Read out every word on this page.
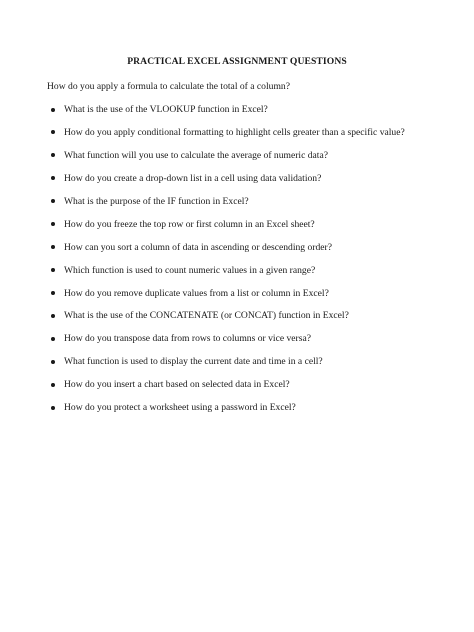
PRACTICAL EXCEL ASSIGNMENT QUESTIONS
How do you apply a formula to calculate the total of a column?
What is the use of the VLOOKUP function in Excel?
How do you apply conditional formatting to highlight cells greater than a specific value?
What function will you use to calculate the average of numeric data?
How do you create a drop-down list in a cell using data validation?
What is the purpose of the IF function in Excel?
How do you freeze the top row or first column in an Excel sheet?
How can you sort a column of data in ascending or descending order?
Which function is used to count numeric values in a given range?
How do you remove duplicate values from a list or column in Excel?
What is the use of the CONCATENATE (or CONCAT) function in Excel?
How do you transpose data from rows to columns or vice versa?
What function is used to display the current date and time in a cell?
How do you insert a chart based on selected data in Excel?
How do you protect a worksheet using a password in Excel?
